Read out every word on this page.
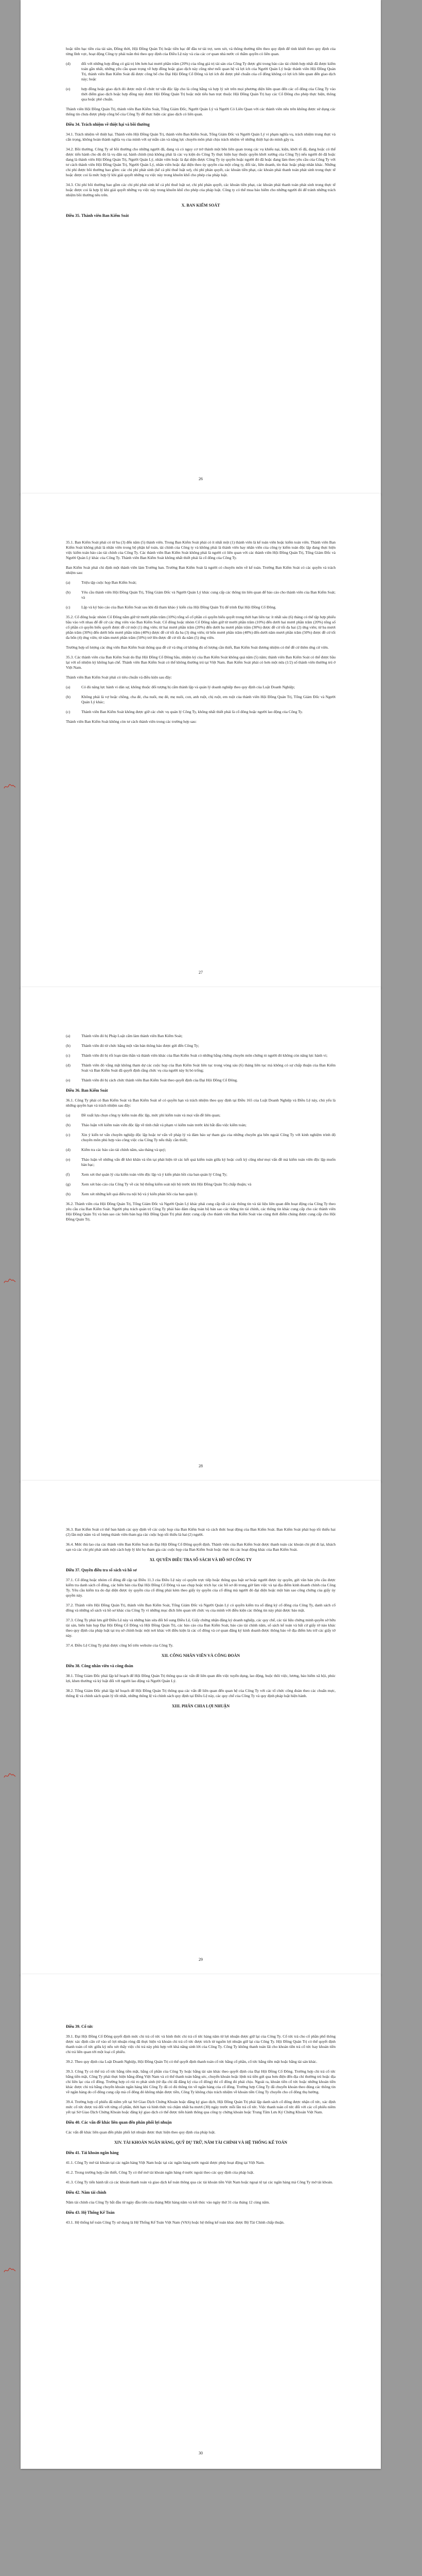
hoặc tiền bạc tiền của tài sản, Đồng thời, Hội Đồng Quản Trị hoặc tiền bạc để đầu tư tài trợ, xem xét, và thông thường tiền theo quy định để tinh khiết theo quy định của từng lĩnh vực, hoạt động Công ty phải tuân thủ theo quy định của Điều Lệ này và của các cơ quan nhà nước có thẩm quyền có liên quan.
(d)	đối với những hợp đồng có giá trị lớn hơn hai mươi phần trăm (20%) của tổng giá trị tài sản của Công Ty được ghi trong báo cáo tài chính hợp nhất đã được kiểm toán gần nhất, những yêu cầu quan trọng về hợp đồng hoặc giao dịch này cũng như mối quan hệ và lợi ích của Người Quản Lý hoặc thành viên Hội Đồng Quản Trị, thành viên Ban Kiểm Soát đã được công bố cho Đại Hội Đồng Cổ Đông và lợi ích đó được phê chuẩn của cổ đông không có lợi ích liên quan đến giao dịch này; hoặc
(e)	hợp đồng hoặc giao dịch đó được một tổ chức tư vấn độc lập cho là công bằng và hợp lý xét trên mọi phương diện liên quan đến các cổ đông của Công Ty vào thời điểm giao dịch hoặc hợp đồng này được Hội Đồng Quản Trị hoặc một tiểu ban trực thuộc Hội Đồng Quản Trị hay các Cổ Đông cho phép thực hiện, thông qua hoặc phê chuẩn.
Thành viên Hội Đồng Quản Trị, thành viên Ban Kiểm Soát, Tổng Giám Đốc, Người Quản Lý và Người Có Liên Quan với các thành viên nêu trên không được sử dụng các thông tin chưa được phép công bố của Công Ty để thực hiện các giao dịch có liên quan.
Điều 34. Trách nhiệm về thiệt hại và bồi thường
34.1. Trách nhiệm về thiệt hại. Thành viên Hội Đồng Quản Trị, thành viên Ban Kiểm Soát, Tổng Giám Đốc và Người Quản Lý vi phạm nghĩa vụ, trách nhiệm trung thực và cẩn trọng, không hoàn thành nghĩa vụ của mình với sự mẫn cán và năng lực chuyên môn phải chịu trách nhiệm về những thiệt hại do mình gây ra.
34.2. Bồi thường. Công Ty sẽ bồi thường cho những người đã, đang và có nguy cơ trở thành một bên liên quan trong các vụ khiếu nại, kiện, khởi tố đã, đang hoặc có thể được tiến hành cho dù đó là vụ dân sự, hành chính (mà không phải là các vụ kiện do Công Ty thực hiện hay thuộc quyền khởi xướng của Công Ty) nếu người đó đã hoặc đang là thành viên Hội Đồng Quản Trị, Người Quản Lý, nhân viên hoặc là đại diện được Công Ty ủy quyền hoặc người đó đã hoặc đang làm theo yêu cầu của Công Ty với tư cách thành viên Hội Đồng Quản Trị, Người Quản Lý, nhân viên hoặc đại diện theo ủy quyền của một công ty, đối tác, liên doanh, tín thác hoặc pháp nhân khác. Những chi phí được bồi thường bao gồm: các chi phí phát sinh (kể cả phí thuê luật sư), chi phí phán quyết, các khoản tiền phạt, các khoản phải thanh toán phát sinh trong thực tế hoặc được coi là mức hợp lý khi giải quyết những vụ việc này trong khuôn khổ cho phép của pháp luật.
34.3. Chi phí bồi thường bao gồm các chi phí phát sinh kể cả phí thuê luật sư, chi phí phán quyết, các khoản tiền phạt, các khoản phải thanh toán phát sinh trong thực tế hoặc được coi là hợp lý khi giải quyết những vụ việc này trong khuôn khổ cho phép của pháp luật. Công ty có thể mua bảo hiểm cho những người đó để tránh những trách nhiệm bồi thường nêu trên.
X. BAN KIỂM SOÁT
Điều 35. Thành viên Ban Kiểm Soát
26
35.1. Ban Kiểm Soát phải có từ ba (3) đến năm (5) thành viên. Trong Ban Kiểm Soát phải có ít nhất một (1) thành viên là kế toán viên hoặc kiểm toán viên. Thành viên Ban Kiểm Soát không phải là nhân viên trong bộ phận kế toán, tài chính của Công ty và không phải là thành viên hay nhân viên của công ty kiểm toán độc lập đang thực hiện việc kiểm toán báo cáo tài chính của Công Ty. Các thành viên Ban Kiểm Soát không phải là người có liên quan với các thành viên Hội Đồng Quản Trị, Tổng Giám Đốc và Người Quản Lý khác của Công Ty. Thành viên Ban Kiểm Soát không nhất thiết phải là cổ đông của Công Ty.
Ban Kiểm Soát phải chỉ định một thành viên làm Trưởng ban. Trưởng Ban Kiểm Soát là người có chuyên môn về kế toán. Trưởng Ban Kiểm Soát có các quyền và trách nhiệm sau:
(a)	Triệu tập cuộc họp Ban Kiểm Soát;
(b)	Yêu cầu thành viên Hội Đồng Quản Trị, Tổng Giám Đốc và Người Quản Lý khác cung cấp các thông tin liên quan để báo cáo cho thành viên của Ban Kiểm Soát; và
(c)	Lập và ký báo cáo của Ban Kiểm Soát sau khi đã tham khảo ý kiến của Hội Đồng Quản Trị để trình Đại Hội Đồng Cổ Đông.
35.2. Cổ đông hoặc nhóm Cổ Đông nắm giữ từ mười phần trăm (10%) tổng số cổ phần có quyền biểu quyết trong thời hạn liên tục ít nhất sáu (6) tháng có thể tập hợp phiếu bầu vào với nhau để đề cử các ứng viên vào Ban Kiểm Soát. Cổ đông hoặc nhóm Cổ Đông nắm giữ từ mười phần trăm (10%) đến dưới hai mươi phần trăm (20%) tổng số cổ phần có quyền biểu quyết được đề cử một (1) ứng viên; từ hai mươi phần trăm (20%) đến dưới ba mươi phần trăm (30%) được đề cử tối đa hai (2) ứng viên; từ ba mươi phần trăm (30%) đến dưới bốn mươi phần trăm (40%) được đề cử tối đa ba (3) ứng viên; từ bốn mươi phần trăm (40%) đến dưới năm mươi phần trăm (50%) được đề cử tối đa bốn (4) ứng viên; từ năm mươi phần trăm (50%) trở lên được đề cử tối đa năm (5) ứng viên.
Trường hợp số lượng các ứng viên Ban Kiểm Soát thông qua đề cử và ứng cử không đủ số lượng cần thiết, Ban Kiểm Soát đương nhiệm có thể đề cử thêm ứng cử viên.
35.3. Các thành viên của Ban Kiểm Soát do Đại Hội Đồng Cổ Đông bầu, nhiệm kỳ của Ban Kiểm Soát không quá năm (5) năm; thành viên Ban Kiểm Soát có thể được bầu lại với số nhiệm kỳ không hạn chế. Thành viên Ban Kiểm Soát có thể không thường trú tại Việt Nam. Ban Kiểm Soát phải có hơn một nửa (1/2) số thành viên thường trú ở Việt Nam.
Thành viên Ban Kiểm Soát phải có tiêu chuẩn và điều kiện sau đây:
(a)	Có đủ năng lực hành vi dân sự, không thuộc đối tượng bị cấm thành lập và quản lý doanh nghiệp theo quy định của Luật Doanh Nghiệp;
(b)	Không phải là vợ hoặc chồng, cha đẻ, cha nuôi, mẹ đẻ, mẹ nuôi, con, anh ruột, chị ruột, em ruột của thành viên Hội Đồng Quản Trị, Tổng Giám Đốc và Người Quản Lý khác;
(c)	Thành viên Ban Kiểm Soát không được giữ các chức vụ quản lý Công Ty, không nhất thiết phải là cổ đông hoặc người lao động của Công Ty.
Thành viên Ban Kiểm Soát không còn tư cách thành viên trong các trường hợp sau:
27
(a)	Thành viên đó bị Pháp Luật cấm làm thành viên Ban Kiểm Soát;
(b)	Thành viên đó từ chức bằng một văn bản thông báo được gửi đến Công Ty;
(c)	Thành viên đó bị rối loạn tâm thần và thành viên khác của Ban Kiểm Soát có những bằng chứng chuyên môn chứng tỏ người đó không còn năng lực hành vi;
(d)	Thành viên đó vắng mặt không tham dự các cuộc họp của Ban Kiểm Soát liên tục trong vòng sáu (6) tháng liên tục mà không có sự chấp thuận của Ban Kiểm Soát và Ban Kiểm Soát đã quyết định rằng chức vụ của người này bị bỏ trống;
(e)	Thành viên đó bị cách chức thành viên Ban Kiểm Soát theo quyết định của Đại Hội Đồng Cổ Đông.
Điều 36. Ban Kiểm Soát
36.1. Công Ty phải có Ban Kiểm Soát và Ban Kiểm Soát sẽ có quyền hạn và trách nhiệm theo quy định tại Điều 165 của Luật Doanh Nghiệp và Điều Lệ này, chủ yếu là những quyền hạn và trách nhiệm sau đây:
(a)	Đề xuất lựa chọn công ty kiểm toán độc lập, mức phí kiểm toán và mọi vấn đề liên quan;
(b)	Thảo luận với kiểm toán viên độc lập về tính chất và phạm vi kiểm toán trước khi bắt đầu việc kiểm toán;
(c)	Xin ý kiến tư vấn chuyên nghiệp độc lập hoặc tư vấn về pháp lý và đảm bảo sự tham gia của những chuyên gia bên ngoài Công Ty với kinh nghiệm trình độ chuyên môn phù hợp vào công việc của Công Ty nếu thấy cần thiết;
(d)	Kiểm tra các báo cáo tài chính năm, sáu tháng và quý;
(e)	Thảo luận về những vấn đề khó khăn và tồn tại phát hiện từ các kết quả kiểm toán giữa kỳ hoặc cuối kỳ cũng như mọi vấn đề mà kiểm toán viên độc lập muốn bàn bạc;
(f)	Xem xét thư quản lý của kiểm toán viên độc lập và ý kiến phản hồi của ban quản lý Công Ty;
(g)	Xem xét báo cáo của Công Ty về các hệ thống kiểm soát nội bộ trước khi Hội Đồng Quản Trị chấp thuận; và
(h)	Xem xét những kết quả điều tra nội bộ và ý kiến phản hồi của ban quản lý.
36.2. Thành viên của Hội Đồng Quản Trị, Tổng Giám Đốc và Người Quản Lý khác phải cung cấp tất cả các thông tin và tài liệu liên quan đến hoạt động của Công Ty theo yêu cầu của Ban Kiểm Soát. Người phụ trách quản trị Công Ty phải bảo đảm rằng toàn bộ bản sao các thông tin tài chính, các thông tin khác cung cấp cho các thành viên Hội Đồng Quản Trị và bản sao các biên bản họp Hội Đồng Quản Trị phải được cung cấp cho thành viên Ban Kiểm Soát vào cùng thời điểm chúng được cung cấp cho Hội Đồng Quản Trị.
28
36.3. Ban Kiểm Soát có thể ban hành các quy định về các cuộc họp của Ban Kiểm Soát và cách thức hoạt động của Ban Kiểm Soát. Ban Kiểm Soát phải họp tối thiểu hai (2) lần một năm và số lượng thành viên tham gia các cuộc họp tối thiểu là hai (2) người.
36.4. Mức thù lao của các thành viên Ban Kiểm Soát do Đại Hội Đồng Cổ Đông quyết định. Thành viên của Ban Kiểm Soát được thanh toán các khoản chi phí đi lại, khách sạn và các chi phí phát sinh một cách hợp lý khi họ tham gia các cuộc họp của Ban Kiểm Soát hoặc thực thi các hoạt động khác của Ban Kiểm Soát.
XI. QUYỀN ĐIỀU TRA SỔ SÁCH VÀ HỒ SƠ CÔNG TY
Điều 37. Quyền điều tra sổ sách và hồ sơ
37.1. Cổ đông hoặc nhóm cổ đông đề cập tại Điều 11.3 của Điều Lệ này có quyền trực tiếp hoặc thông qua luật sư hoặc người được ủy quyền, gửi văn bản yêu cầu được kiểm tra danh sách cổ đông, các biên bản của Đại Hội Đồng Cổ Đông và sao chụp hoặc trích lục các hồ sơ đó trong giờ làm việc và tại địa điểm kinh doanh chính của Công Ty. Yêu cầu kiểm tra do đại diện được ủy quyền của cổ đông phải kèm theo giấy ủy quyền của cổ đông mà người đó đại diện hoặc một bản sao công chứng của giấy ủy quyền này.
37.2. Thành viên Hội Đồng Quản Trị, thành viên Ban Kiểm Soát, Tổng Giám Đốc và Người Quản Lý có quyền kiểm tra sổ đăng ký cổ đông của Công Ty, danh sách cổ đông và những sổ sách và hồ sơ khác của Công Ty vì những mục đích liên quan tới chức vụ của mình với điều kiện các thông tin này phải được bảo mật.
37.3. Công Ty phải lưu giữ Điều Lệ này và những bản sửa đổi bổ sung Điều Lệ, Giấy chứng nhận đăng ký doanh nghiệp, các quy chế, các tài liệu chứng minh quyền sở hữu tài sản, biên bản họp Đại Hội Đồng Cổ Đông và Hội Đồng Quản Trị, các báo cáo của Ban Kiểm Soát, báo cáo tài chính năm, sổ sách kế toán và bất cứ giấy tờ nào khác theo quy định của pháp luật tại trụ sở chính hoặc một nơi khác với điều kiện là các cổ đông và cơ quan đăng ký kinh doanh được thông báo về địa điểm lưu trữ các giấy tờ này.
37.4. Điều Lệ Công Ty phải được công bố trên website của Công Ty.
XII. CÔNG NHÂN VIÊN VÀ CÔNG ĐOÀN
Điều 38. Công nhân viên và công đoàn
38.1. Tổng Giám Đốc phải lập kế hoạch để Hội Đồng Quản Trị thông qua các vấn đề liên quan đến việc tuyển dụng, lao động, buộc thôi việc, lương, bảo hiểm xã hội, phúc lợi, khen thưởng và kỷ luật đối với người lao động và Người Quản Lý.
38.2. Tổng Giám Đốc phải lập kế hoạch để Hội Đồng Quản Trị thông qua các vấn đề liên quan đến quan hệ của Công Ty với các tổ chức công đoàn theo các chuẩn mực, thông lệ và chính sách quản lý tốt nhất, những thông lệ và chính sách quy định tại Điều Lệ này, các quy chế của Công Ty và quy định pháp luật hiện hành.
XIII. PHÂN CHIA LỢI NHUẬN
29
Điều 39. Cổ tức
39.1. Đại Hội Đồng Cổ Đông quyết định mức chi trả cổ tức và hình thức chi trả cổ tức hàng năm từ lợi nhuận được giữ lại của Công Ty. Cổ tức trả cho cổ phần phổ thông được xác định căn cứ vào số lợi nhuận ròng đã thực hiện và khoản chi trả cổ tức được trích từ nguồn lợi nhuận giữ lại của Công Ty. Hội Đồng Quản Trị có thể quyết định thanh toán cổ tức giữa kỳ nếu xét thấy việc chi trả này phù hợp với khả năng sinh lời của Công Ty. Công Ty không thanh toán lãi cho khoản tiền trả cổ tức hay khoản tiền chi trả liên quan tới một loại cổ phiếu.
39.2. Theo quy định của Luật Doanh Nghiệp, Hội Đồng Quản Trị có thể quyết định thanh toán cổ tức bằng cổ phần, cổ tức bằng tiền mặt hoặc bằng tài sản khác.
39.3. Công Ty có thể trả cổ tức bằng tiền mặt, bằng cổ phần của Công Ty hoặc bằng tài sản khác theo quyết định của Đại Hội Đồng Cổ Đông. Trường hợp chi trả cổ tức bằng tiền mặt, Công Ty phải thực hiện bằng đồng Việt Nam và có thể thanh toán bằng séc, chuyển khoản hoặc lệnh trả tiền gửi qua bưu điện đến địa chỉ thường trú hoặc địa chỉ liên lạc của cổ đông. Trường hợp có rủi ro phát sinh (từ địa chỉ đã đăng ký của cổ đông) thì cổ đông đó phải chịu. Ngoài ra, khoản tiền cổ tức hoặc những khoản tiền khác được chi trả bằng chuyển khoản ngân hàng khi Công Ty đã có đủ thông tin về ngân hàng của cổ đông. Trường hợp Công Ty đã chuyển khoản theo đúng các thông tin về ngân hàng do cổ đông cung cấp mà cổ đông đó không nhận được tiền, Công Ty không chịu trách nhiệm về khoản tiền Công Ty chuyển cho cổ đông thụ hưởng.
39.4. Trường hợp cổ phiếu đã niêm yết tại Sở Giao Dịch Chứng Khoán hoặc đăng ký giao dịch, Hội Đồng Quản Trị phải lập danh sách cổ đông được nhận cổ tức, xác định mức cổ tức được trả đối với từng cổ phần, thời hạn và hình thức trả chậm nhất ba mươi (30) ngày trước mỗi lần trả cổ tức. Việc thanh toán cổ tức đối với các cổ phiếu niêm yết tại Sở Giao Dịch Chứng Khoán hoặc đăng ký giao dịch có thể được tiến hành thông qua công ty chứng khoán hoặc Trung Tâm Lưu Ký Chứng Khoán Việt Nam.
Điều 40. Các vấn đề khác liên quan đến phân phối lợi nhuận
Các vấn đề khác liên quan đến phân phối lợi nhuận được thực hiện theo quy định của pháp luật.
XIV. TÀI KHOẢN NGÂN HÀNG, QUỸ DỰ TRỮ, NĂM TÀI CHÍNH VÀ HỆ THỐNG KẾ TOÁN
Điều 41. Tài khoản ngân hàng
41.1. Công Ty mở tài khoản tại các ngân hàng Việt Nam hoặc tại các ngân hàng nước ngoài được phép hoạt động tại Việt Nam.
41.2. Trong trường hợp cần thiết, Công Ty có thể mở tài khoản ngân hàng ở nước ngoài theo các quy định của pháp luật.
41.3. Công Ty tiến hành tất cả các khoản thanh toán và giao dịch kế toán thông qua các tài khoản tiền Việt Nam hoặc ngoại tệ tại các ngân hàng mà Công Ty mở tài khoản.
Điều 42. Năm tài chính
Năm tài chính của Công Ty bắt đầu từ ngày đầu tiên của tháng Một hàng năm và kết thúc vào ngày thứ 31 của tháng 12 cùng năm.
Điều 43. Hệ Thống Kế Toán
43.1. Hệ thống kế toán Công Ty sử dụng là Hệ Thống Kế Toán Việt Nam (VAS) hoặc hệ thống kế toán khác được Bộ Tài Chính chấp thuận.
30
